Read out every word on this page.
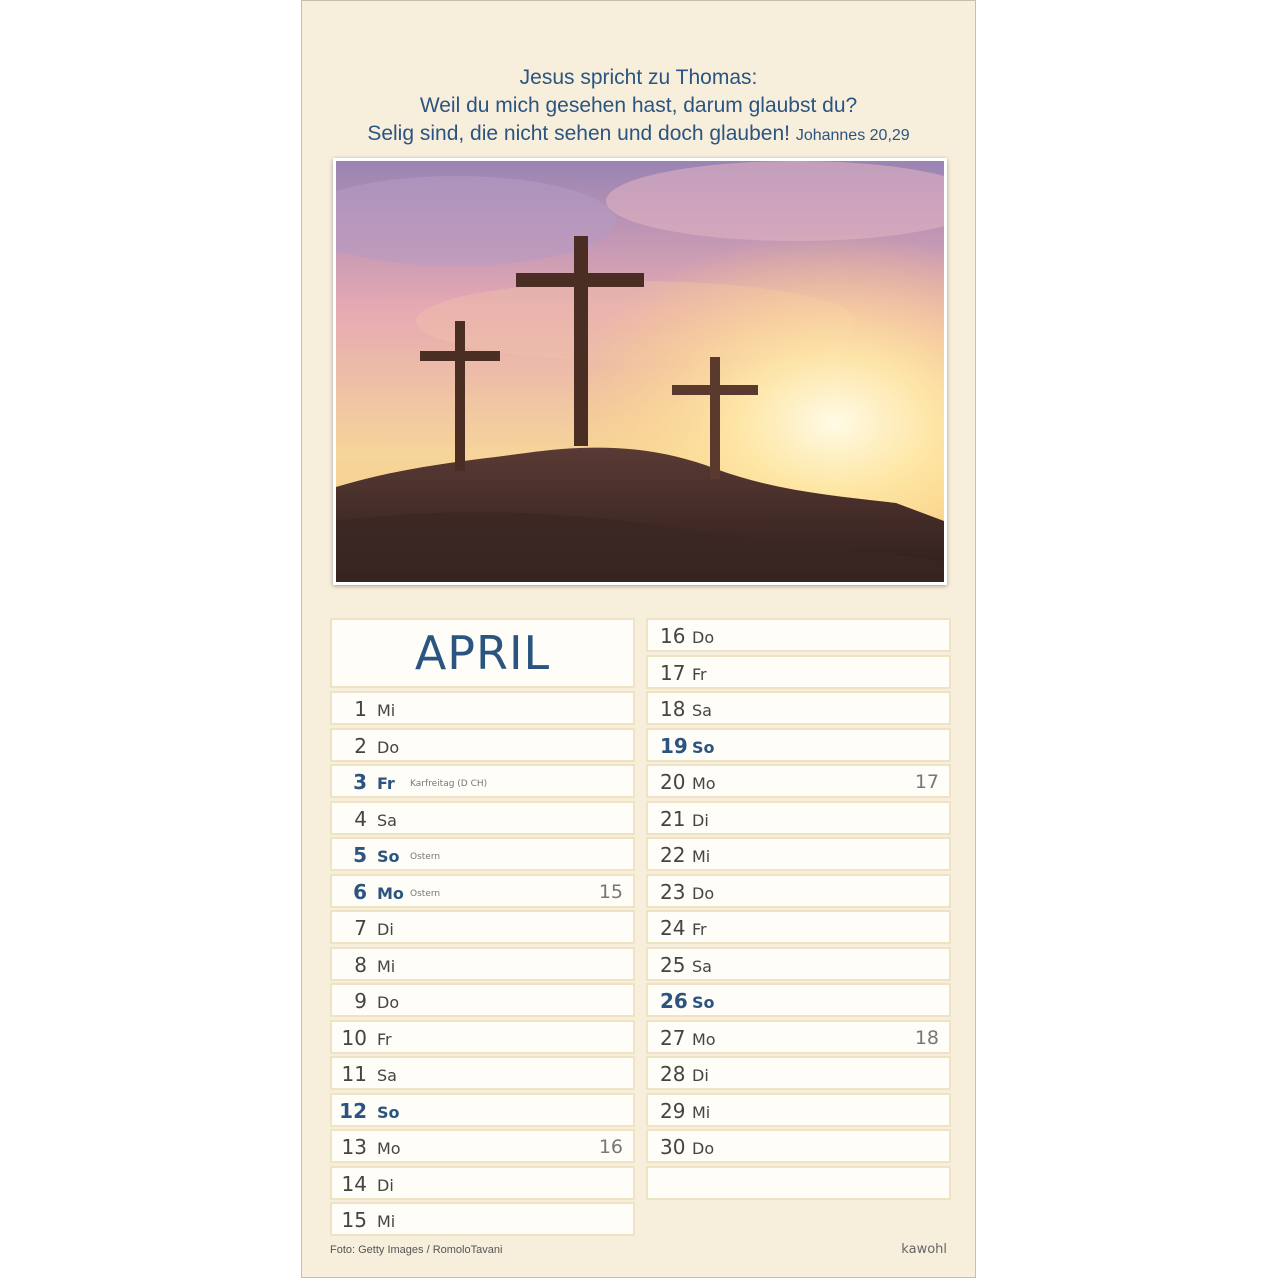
Jesus spricht zu Thomas:
Weil du mich gesehen hast, darum glaubst du?
Selig sind, die nicht sehen und doch glauben! Johannes 20,29
APRIL
1 Mi
2 Do
3 Fr Karfreitag (D CH)
4 Sa
5 So Ostern
6 Mo Ostern	15
7 Di
8 Mi
9 Do
10 Fr
11 Sa
12 So
13 Mo	16
14 Di
15 Mi
16 Do
17 Fr
18 Sa
19 So
20 Mo	17
21 Di
22 Mi
23 Do
24 Fr
25 Sa
26 So
27 Mo	18
28 Di
29 Mi
30 Do
Foto: Getty Images / RomoloTavani	kawohl
